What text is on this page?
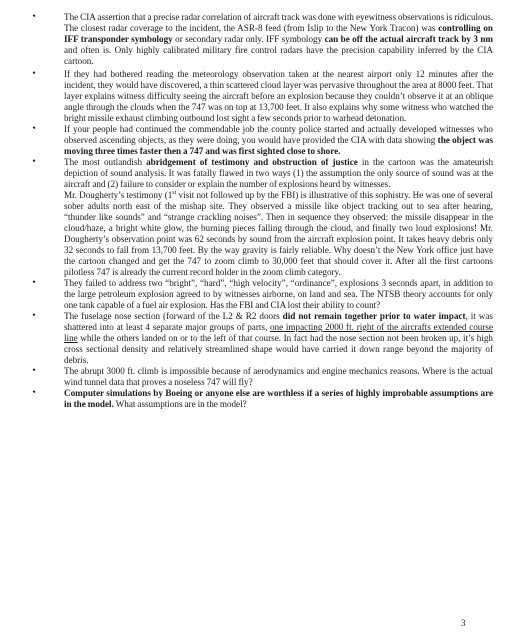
•	The CIA assertion that a precise radar correlation of aircraft track was done with eyewitness observations is ridiculous. The closest radar coverage to the incident, the ASR-8 feed (from Islip to the New York Tracon) was controlling on IFF transponder symbology or secondary radar only. IFF symbology can be off the actual aircraft track by 3 nm and often is. Only highly calibrated military fire control radars have the precision capability inferred by the CIA cartoon.
•	If they had bothered reading the meteorology observation taken at the nearest airport only 12 minutes after the incident, they would have discovered, a thin scattered cloud layer was pervasive throughout the area at 8000 feet. That layer explains witness difficulty seeing the aircraft before an explosion because they couldn’t observe it at an oblique angle through the clouds when the 747 was on top at 13,700 feet. It also explains why some witness who watched the bright missile exhaust climbing outbound lost sight a few seconds prior to warhead detonation.
•	If your people had continued the commendable job the county police started and actually developed witnesses who observed ascending objects, as they were doing, you would have provided the CIA with data showing the object was moving three times faster then a 747 and was first sighted close to shore.
•	The most outlandish abridgement of testimony and obstruction of justice in the cartoon was the amateurish depiction of sound analysis. It was fatally flawed in two ways (1) the assumption the only source of sound was at the aircraft and (2) failure to consider or explain the number of explosions heard by witnesses.
Mr. Dougherty’s testimony (1st visit not followed up by the FBI) is illustrative of this sophistry. He was one of several sober adults north east of the mishap site. They observed a missile like object tracking out to sea after hearing, “thunder like sounds” and “strange crackling noises”. Then in sequence they observed: the missile disappear in the cloud/haze, a bright white glow, the burning pieces falling through the cloud, and finally two loud explosions! Mr. Dougherty’s observation point was 62 seconds by sound from the aircraft explosion point. It takes heavy debris only 32 seconds to fall from 13,700 feet. By the way gravity is fairly reliable. Why doesn’t the New York office just have the cartoon changed and get the 747 to zoom climb to 30,000 feet that should cover it. After all the first cartoons pilotless 747 is already the current record holder in the zoom climb category.
•	They failed to address two “bright”, “hard”, “high velocity”, “ordinance”, explosions 3 seconds apart, in addition to the large petroleum explosion agreed to by witnesses airborne, on land and sea. The NTSB theory accounts for only one tank capable of a fuel air explosion. Has the FBI and CIA lost their ability to count?
•	The fuselage nose section (forward of the L2 & R2 doors did not remain together prior to water impact, it was shattered into at least 4 separate major groups of parts, one impacting 2000 ft. right of the aircrafts extended course line while the others landed on or to the left of that course. In fact had the nose section not been broken up, it’s high cross sectional density and relatively streamlined shape would have carried it down range beyond the majority of debris.
•	The abrupt 3000 ft. climb is impossible because of aerodynamics and engine mechanics reasons. Where is the actual wind tunnel data that proves a noseless 747 will fly?
•	Computer simulations by Boeing or anyone else are worthless if a series of highly improbable assumptions are in the model. What assumptions are in the model?
3
